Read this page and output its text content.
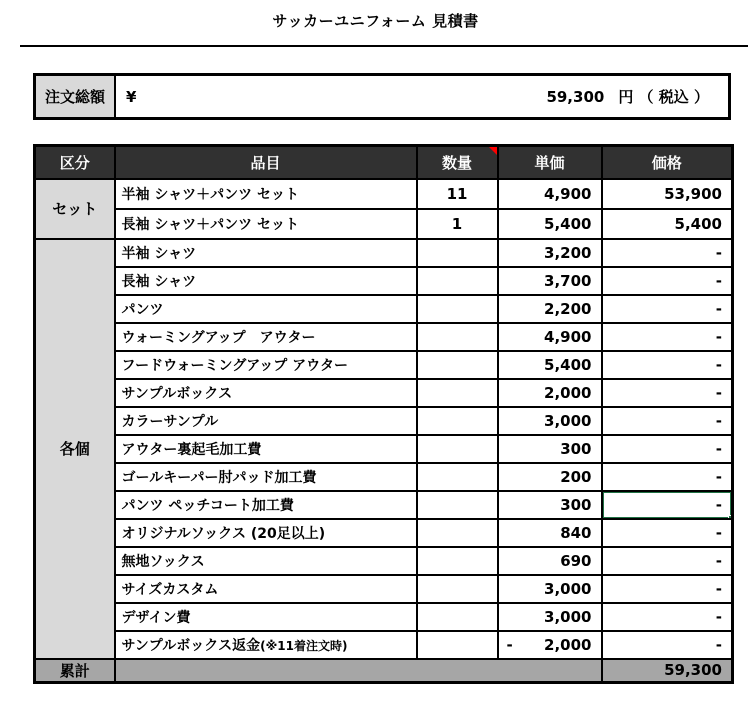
サッカーユニフォーム 見積書
注文総額	¥	59,300 円 （ 税込 ）
区分	品目	数量	単価	価格
セット	半袖 シャツ＋パンツ セット	11	4,900	53,900
	長袖 シャツ＋パンツ セット	1	5,400	5,400
各個	半袖 シャツ		3,200	-
	長袖 シャツ		3,700	-
	パンツ		2,200	-
	ウォーミングアップ　アウター		4,900	-
	フードウォーミングアップ アウター		5,400	-
	サンプルボックス		2,000	-
	カラーサンプル		3,000	-
	アウター裏起毛加工費		300	-
	ゴールキーパー肘パッド加工費		200	-
	パンツ ペッチコート加工費		300	-

	オリジナルソックス (20足以上)		840	-
	無地ソックス		690	-
	サイズカスタム		3,000	-
	デザイン費		3,000	-
	サンプルボックス返金(※11着注文時)		- 2,000	-
累計				59,300
